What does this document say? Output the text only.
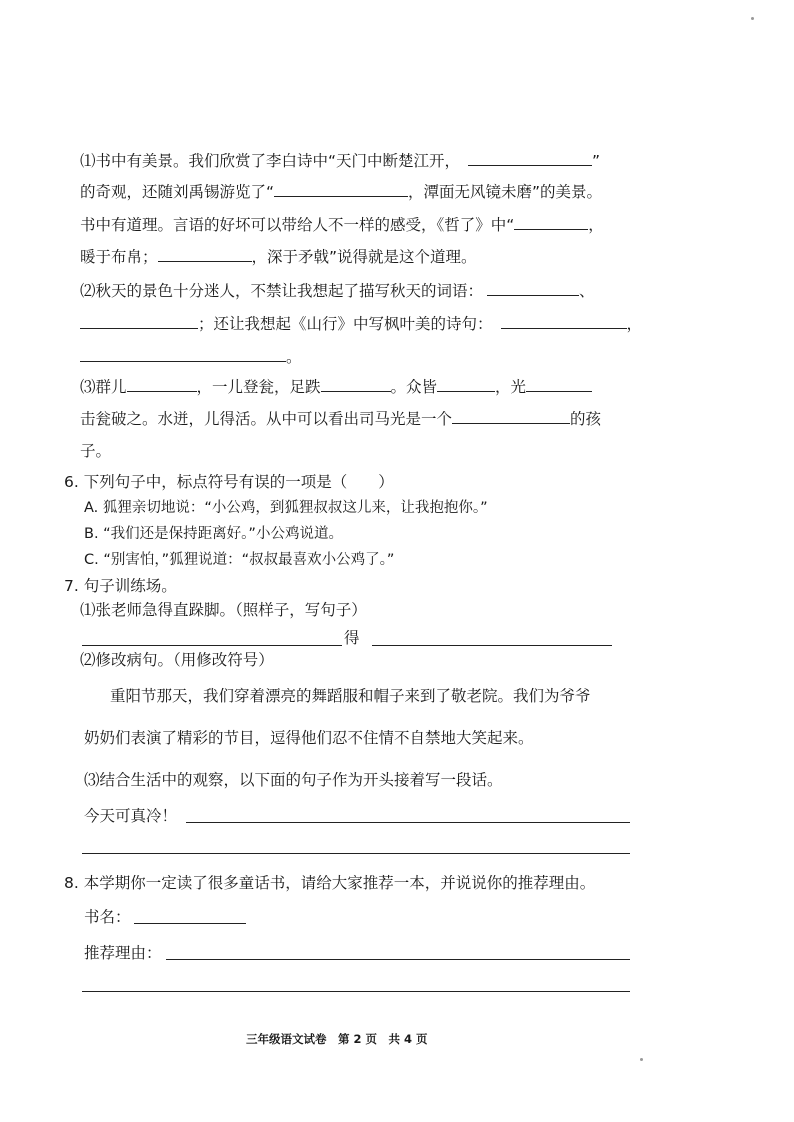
⑴书中有美景。我们欣赏了李白诗中“天门中断楚江开，	”
的奇观，还随刘禹锡游览了“	，潭面无风镜未磨”的美景。
书中有道理。言语的好坏可以带给人不一样的感受，《哲了》中“	，
暖于布帛；	，深于矛戟”说得就是这个道理。
⑵秋天的景色十分迷人，不禁让我想起了描写秋天的词语：	、
；还让我想起《山行》中写枫叶美的诗句：	，
。
⑶群儿	，一儿登瓮，足跌	。众皆	，光
击瓮破之。水迸，儿得活。从中可以看出司马光是一个	的孩
子。
6. 下列句子中，标点符号有误的一项是（　　）
A. 狐狸亲切地说：“小公鸡，到狐狸叔叔这儿来，让我抱抱你。”
B. “我们还是保持距离好。”小公鸡说道。
C. “别害怕，”狐狸说道：“叔叔最喜欢小公鸡了。”
7. 句子训练场。
⑴张老师急得直跺脚。（照样子，写句子）
得
⑵修改病句。（用修改符号）
重阳节那天，我们穿着漂亮的舞蹈服和帽子来到了敬老院。我们为爷爷
奶奶们表演了精彩的节目，逗得他们忍不住情不自禁地大笑起来。
⑶结合生活中的观察，以下面的句子作为开头接着写一段话。
今天可真冷！
8. 本学期你一定读了很多童话书，请给大家推荐一本，并说说你的推荐理由。
书名：
推荐理由：
三年级语文试卷　第 2 页　共 4 页
